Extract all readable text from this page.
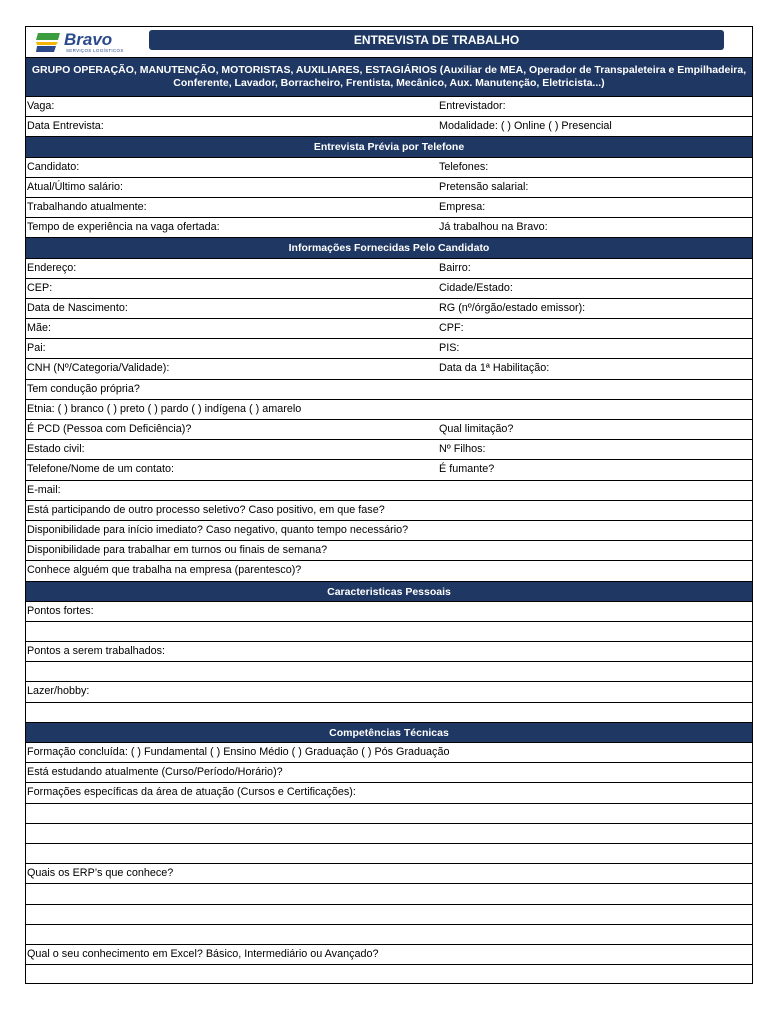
Bravo
SERVIÇOS LOGÍSTICOS
ENTREVISTA DE TRABALHO
GRUPO OPERAÇÃO, MANUTENÇÃO, MOTORISTAS, AUXILIARES, ESTAGIÁRIOS (Auxiliar de MEA, Operador de Transpaleteira e Empilhadeira, Conferente, Lavador, Borracheiro, Frentista, Mecânico, Aux. Manutenção, Eletricista...)
Vaga:	Entrevistador:
Data Entrevista:	Modalidade: ( ) Online ( ) Presencial
Entrevista Prévia por Telefone
Candidato:	Telefones:
Atual/Último salário:	Pretensão salarial:
Trabalhando atualmente:	Empresa:
Tempo de experiência na vaga ofertada:	Já trabalhou na Bravo:
Informações Fornecidas Pelo Candidato
Endereço:	Bairro:
CEP:	Cidade/Estado:
Data de Nascimento:	RG (nº/órgão/estado emissor):
Mãe:	CPF:
Pai:	PIS:
CNH (Nº/Categoria/Validade):	Data da 1ª Habilitação:
Tem condução própria?
Etnia: ( ) branco ( ) preto ( ) pardo ( ) indígena ( ) amarelo
É PCD (Pessoa com Deficiência)?	Qual limitação?
Estado civil:	Nº Filhos:
Telefone/Nome de um contato:	É fumante?
E-mail:
Está participando de outro processo seletivo? Caso positivo, em que fase?
Disponibilidade para início imediato? Caso negativo, quanto tempo necessário?
Disponibilidade para trabalhar em turnos ou finais de semana?
Conhece alguém que trabalha na empresa (parentesco)?
Caracteristicas Pessoais
Pontos fortes:
Pontos a serem trabalhados:
Lazer/hobby:
Competências Técnicas
Formação concluída: ( ) Fundamental ( ) Ensino Médio ( ) Graduação ( ) Pós Graduação
Está estudando atualmente (Curso/Período/Horário)?
Formações específicas da área de atuação (Cursos e Certificações):
Quais os ERP’s que conhece?
Qual o seu conhecimento em Excel? Básico, Intermediário ou Avançado?
